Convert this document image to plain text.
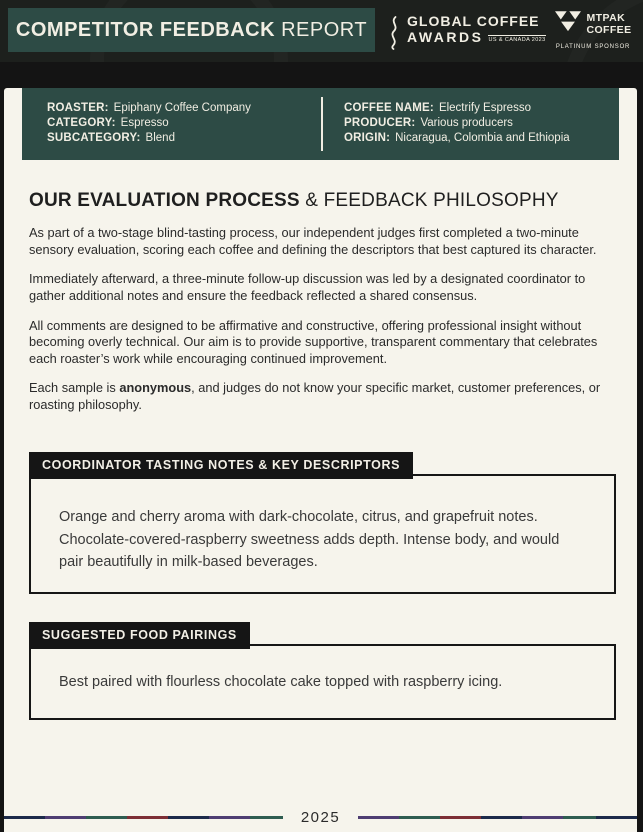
COMPETITOR FEEDBACK REPORT	GLOBAL COFFEE
AWARDS US & CANADA 2023
MTPAK
COFFEE
PLATINUM SPONSOR
ROASTER: Epiphany Coffee Company
CATEGORY: Espresso
SUBCATEGORY: Blend
COFFEE NAME: Electrify Espresso
PRODUCER: Various producers
ORIGIN: Nicaragua, Colombia and Ethiopia
OUR EVALUATION PROCESS & FEEDBACK PHILOSOPHY

As part of a two-stage blind-tasting process, our independent judges first completed a two-minute sensory evaluation, scoring each coffee and defining the descriptors that best captured its character.

Immediately afterward, a three-minute follow-up discussion was led by a designated coordinator to gather additional notes and ensure the feedback reflected a shared consensus.

All comments are designed to be affirmative and constructive, offering professional insight without becoming overly technical. Our aim is to provide supportive, transparent commentary that celebrates each roaster’s work while encouraging continued improvement.

Each sample is anonymous, and judges do not know your specific market, customer preferences, or roasting philosophy.

COORDINATOR TASTING NOTES & KEY DESCRIPTORS
Orange and cherry aroma with dark-chocolate, citrus, and grapefruit notes. Chocolate-covered-raspberry sweetness adds depth. Intense body, and would pair beautifully in milk-based beverages.
SUGGESTED FOOD PAIRINGS
Best paired with flourless chocolate cake topped with raspberry icing.
2025
